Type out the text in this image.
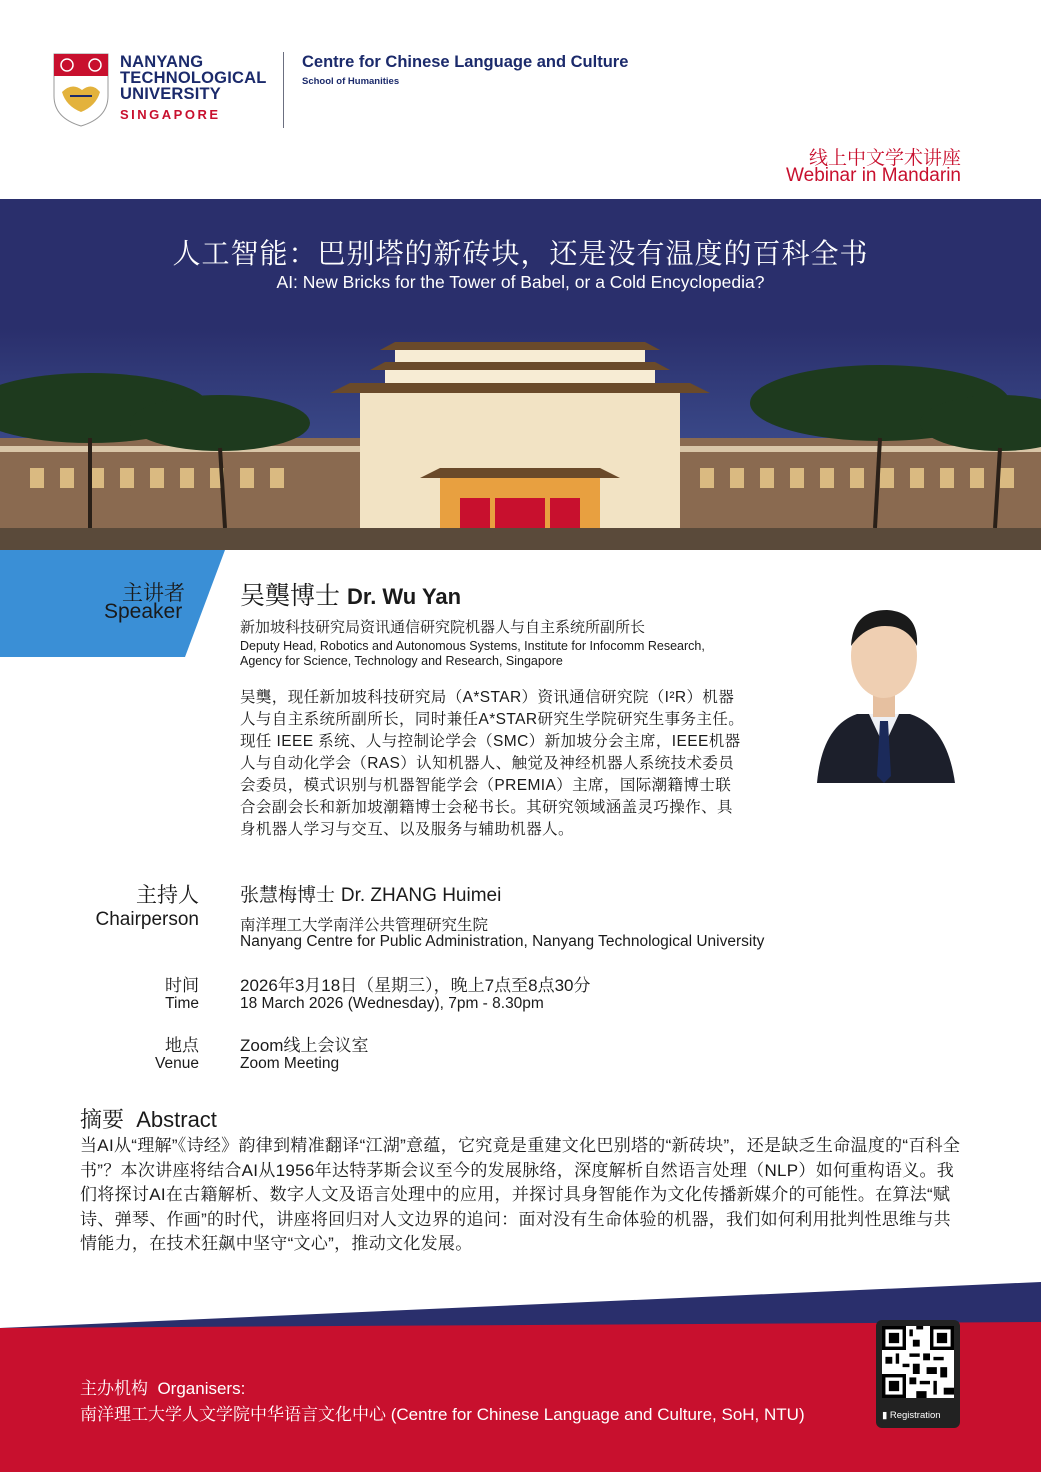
NANYANG
TECHNOLOGICAL
UNIVERSITY
SINGAPORE
Centre for Chinese Language and Culture
School of Humanities
线上中文学术讲座
Webinar in Mandarin
人工智能：巴别塔的新砖块，还是没有温度的百科全书
AI: New Bricks for the Tower of Babel, or a Cold Encyclopedia?
主讲者
Speaker
吴龑博士 Dr. Wu Yan
新加坡科技研究局资讯通信研究院机器人与自主系统所副所长
Deputy Head, Robotics and Autonomous Systems, Institute for Infocomm Research,
Agency for Science, Technology and Research, Singapore
吴龑，现任新加坡科技研究局（A*STAR）资讯通信研究院（I²R）机器人与自主系统所副所长，同时兼任A*STAR研究生学院研究生事务主任。现任 IEEE 系统、人与控制论学会（SMC）新加坡分会主席，IEEE机器人与自动化学会（RAS）认知机器人、触觉及神经机器人系统技术委员会委员，模式识别与机器智能学会（PREMIA）主席，国际潮籍博士联合会副会长和新加坡潮籍博士会秘书长。其研究领域涵盖灵巧操作、具身机器人学习与交互、以及服务与辅助机器人。
主持人
Chairperson
张慧梅博士 Dr. ZHANG Huimei
南洋理工大学南洋公共管理研究生院
Nanyang Centre for Public Administration, Nanyang Technological University
时间
Time
2026年3月18日（星期三），晚上7点至8点30分
18 March 2026 (Wednesday), 7pm - 8.30pm
地点
Venue
Zoom线上会议室
Zoom Meeting
摘要  Abstract
当AI从“理解”《诗经》韵律到精准翻译“江湖”意蕴，它究竟是重建文化巴别塔的“新砖块”，还是缺乏生命温度的“百科全书”？本次讲座将结合AI从1956年达特茅斯会议至今的发展脉络，深度解析自然语言处理（NLP）如何重构语义。我们将探讨AI在古籍解析、数字人文及语言处理中的应用，并探讨具身智能作为文化传播新媒介的可能性。在算法“赋诗、弹琴、作画”的时代，讲座将回归对人文边界的追问：面对没有生命体验的机器，我们如何利用批判性思维与共情能力，在技术狂飙中坚守“文心”，推动文化发展。
主办机构  Organisers:
南洋理工大学人文学院中华语言文化中心 (Centre for Chinese Language and Culture, SoH, NTU)	▮ Registration
